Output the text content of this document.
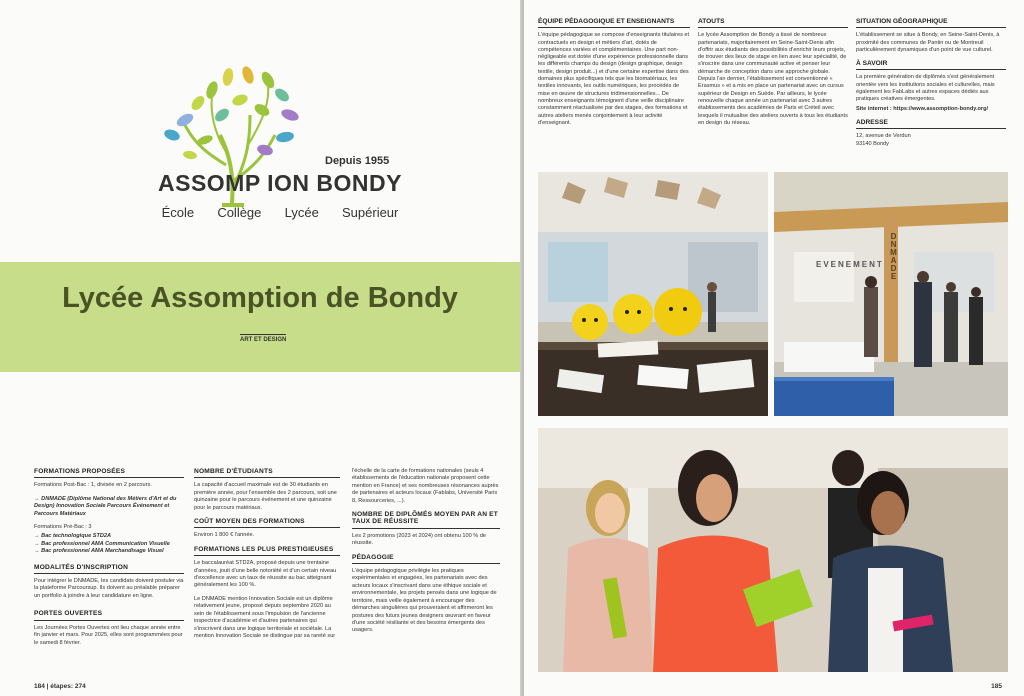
Depuis 1955
ASSOMP ION BONDY
École Collège Lycée Supérieur
Lycée Assomption de Bondy
ART ET DESIGN
FORMATIONS PROPOSÉES

Formations Post-Bac : 1, divisée en 2 parcours.

→ DNMADE (Diplôme National des Métiers d'Art et du Design) Innovation Sociale Parcours Événement et Parcours Matériaux

Formations Pré-Bac : 3

→ Bac technologique STD2A
→ Bac professionnel AMA Communication Visuelle
→ Bac professionnel AMA Marchandisage Visuel
MODALITÉS D'INSCRIPTION

Pour intégrer le DNMADE, les candidats doivent postuler via la plateforme Parcoursup. Ils doivent au préalable préparer un portfolio à joindre à leur candidature en ligne.

PORTES OUVERTES

Les Journées Portes Ouvertes ont lieu chaque année entre fin janvier et mars. Pour 2025, elles sont programmées pour le samedi 8 février.

NOMBRE D'ÉTUDIANTS

La capacité d'accueil maximale est de 30 étudiants en première année, pour l'ensemble des 2 parcours, soit une quinzaine pour le parcours événement et une quinzaine pour le parcours matériaux.

COÛT MOYEN DES FORMATIONS

Environ 1 800 € l'année.

FORMATIONS LES PLUS PRESTIGIEUSES

Le baccalauréat STD2A, proposé depuis une trentaine d'années, jouit d'une belle notoriété et d'un certain niveau d'excellence avec un taux de réussite au bac atteignant généralement les 100 %.

Le DNMADE mention Innovation Sociale est un diplôme relativement jeune, proposé depuis septembre 2020 au sein de l'établissement sous l'impulsion de l'ancienne inspectrice d'académie et d'autres partenaires qui s'inscrivent dans une logique territoriale et sociétale. La mention Innovation Sociale se distingue par sa rareté sur

l'échelle de la carte de formations nationales (seuls 4 établissements de l'éducation nationale proposent cette mention en France) et ses nombreuses résonances auprès de partenaires et acteurs locaux (Fablabs, Université Paris 8, Ressourceries, ...).

NOMBRE DE DIPLÔMÉS MOYEN PAR AN ET TAUX DE RÉUSSITE

Les 2 promotions (2023 et 2024) ont obtenu 100 % de réussite.

PÉDAGOGIE

L'équipe pédagogique privilégie les pratiques expérimentales et engagées, les partenariats avec des acteurs locaux s'inscrivant dans une éthique sociale et environnementale, les projets pensés dans une logique de territoire, mais veille également à encourager des démarches singulières qui prouveraient et affirmeront les postures des futurs jeunes designers œuvrant en faveur d'une société résiliante et des besoins émergents des usagers.

184 | étapes: 274
ÉQUIPE PÉDAGOGIQUE ET ENSEIGNANTS

L'équipe pédagogique se compose d'enseignants titulaires et contractuels en design et métiers d'art, dotés de compétences variées et complémentaires. Une part non-négligeable est dotée d'une expérience professionnelle dans les différents champs du design (design graphique, design textile, design produit...) et d'une certaine expertise dans des domaines plus spécifiques tels que les biomatériaux, les textiles innovants, les outils numériques, les procédés de mise en œuvre de structures tridimensionnelles... De nombreux enseignants témoignent d'une veille disciplinaire constamment réactualisée par des stages, des formations et autres ateliers menés conjointement à leur activité d'enseignant.

ATOUTS

Le lycée Assomption de Bondy a tissé de nombreux partenariats, majoritairement en Seine-Saint-Denis afin d'offrir aux étudiants des possibilités d'enrichir leurs projets, de trouver des lieux de stage en lien avec leur spécialité, de s'inscrire dans une communauté active et penser leur démarche de conception dans une approche globale. Depuis l'an dernier, l'établissement est conventionné « Erasmus » et a mis en place un partenariat avec un cursus supérieur de Design en Suède. Par ailleurs, le lycée renouvelle chaque année un partenariat avec 3 autres établissements des académies de Paris et Créteil avec lesquels il mutualise des ateliers ouverts à tous les étudiants en design du réseau.

SITUATION GÉOGRAPHIQUE

L'établissement se situe à Bondy, en Seine-Saint-Denis, à proximité des communes de Pantin ou de Montreuil particulièrement dynamiques d'un point de vue culturel.

À SAVOIR

La première génération de diplômés s'est généralement orientée vers les institutions sociales et culturelles, mais également les FabLabs et autres espaces dédiés aux pratiques créatives émergentes.

Site internet : https://www.assomption-bondy.org/

ADRESSE
12, avenue de Verdun
93140 Bondy
DNMADE
EVENEMENT
185
